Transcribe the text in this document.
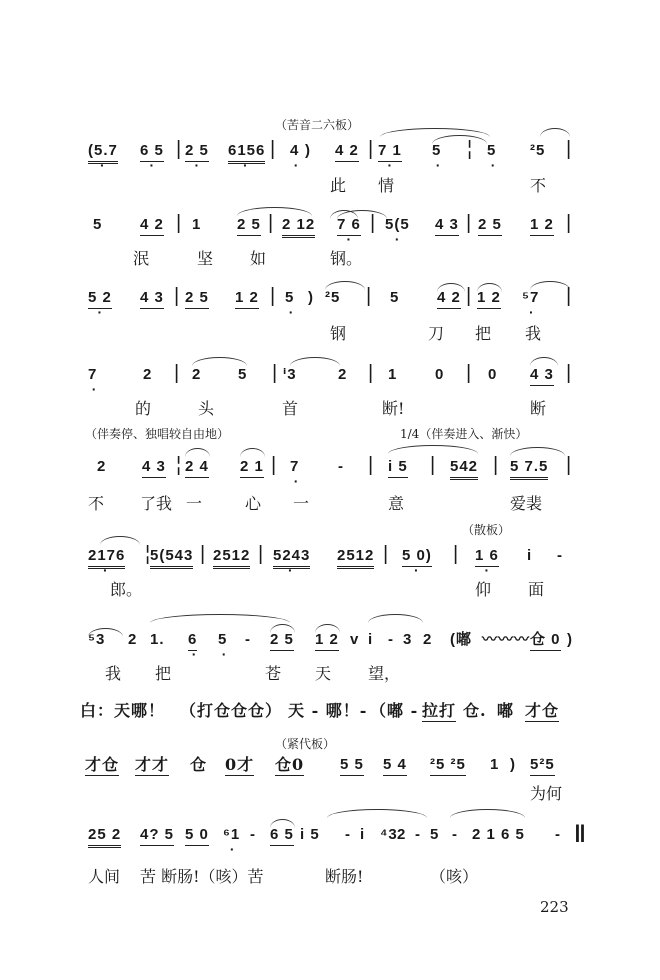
（苦音二六板）
（伴奏停、独唱较自由地）	1/4（伴奏进入、渐快）
（散板）
（紧代板）
(5.7 · 6 5 · | 2 5 · 6156 · | 4 · ) 4 2 | 7 1 · 5 · ¦ 5 · ²5 |
此 情	不
5	4 2 | 1 2 5 | 2 12 7 6 · | 5(5 · 4 3 | 2 5 1 2 |
泯	坚 如	钢。
5 2 · 4 3 | 2 5 1 2 | 5 · ) ²5 | 5	4 2 | 1 2 ⁵7 · |
钢	刀 把 我
7 ·	2 | 2 5 | ⁱ3	2 | 1	0 | 0 4 3 |
的	头	首	断!	断
2 4 3 ¦ 2 4 2 1 | 7 ·	- | i 5 | 542 | 5 7.5 |
不 了我 一	心 一	意	爱裴
2176 · ¦
5(543 | 2512 | 5243 · 2512 | 5 0) · | 1 6 · i -
郎。	仰 面
⁵3 2 1. 6 · 5 · - 2 5 1 2 v i - 3 2 (嘟 〰〰〰 仓 0 )
我 把	苍 天 望，
白：天哪！ （打仓仓仓） 天 - 哪！- （嘟 - 拉打 仓. 嘟 才仓
才仓 才才 仓 0才 仓0 5 5 5 4 ²5 ²5 1 ) 5²5
为何
25 2 4? 5 5 0 ⁶1 · - 6 5 i 5 - i ⁴3 2 - 5 - 2 1 6 5 - ‖
人间 苦 断肠!（咳）苦	断肠!	（咳）
223
